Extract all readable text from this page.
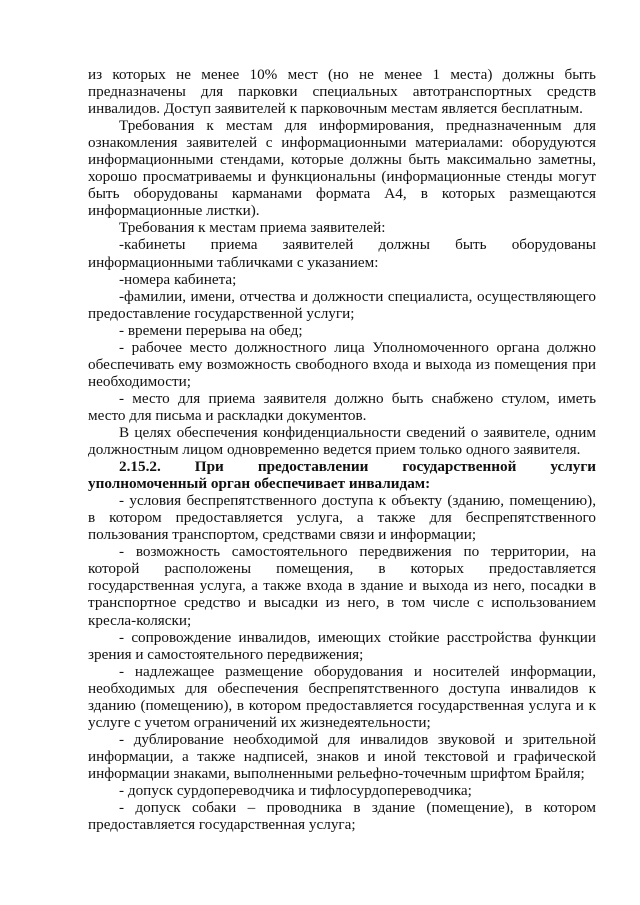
из которых не менее 10% мест (но не менее 1 места) должны быть предназначены для парковки специальных автотранспортных средств инвалидов. Доступ заявителей к парковочным местам является бесплатным.

Требования к местам для информирования, предназначенным для ознакомления заявителей с информационными материалами: оборудуются информационными стендами, которые должны быть максимально заметны, хорошо просматриваемы и функциональны (информационные стенды могут быть оборудованы карманами формата А4, в которых размещаются информационные листки).

Требования к местам приема заявителей:

-кабинеты приема заявителей должны быть оборудованы информационными табличками с указанием:

-номера кабинета;

-фамилии, имени, отчества и должности специалиста, осуществляющего предоставление государственной услуги;

- времени перерыва на обед;

- рабочее место должностного лица Уполномоченного органа должно обеспечивать ему возможность свободного входа и выхода из помещения при необходимости;

- место для приема заявителя должно быть снабжено стулом, иметь место для письма и раскладки документов.

В целях обеспечения конфиденциальности сведений о заявителе, одним должностным лицом одновременно ведется прием только одного заявителя.

2.15.2. При предоставлении государственной услуги уполномоченный орган обеспечивает инвалидам:

- условия беспрепятственного доступа к объекту (зданию, помещению), в котором предоставляется услуга, а также для беспрепятственного пользования транспортом, средствами связи и информации;

- возможность самостоятельного передвижения по территории, на которой расположены помещения, в которых предоставляется государственная услуга, а также входа в здание и выхода из него, посадки в транспортное средство и высадки из него, в том числе с использованием кресла-коляски;

- сопровождение инвалидов, имеющих стойкие расстройства функции зрения и самостоятельного передвижения;

- надлежащее размещение оборудования и носителей информации, необходимых для обеспечения беспрепятственного доступа инвалидов к зданию (помещению), в котором предоставляется государственная услуга и к услуге с учетом ограничений их жизнедеятельности;

- дублирование необходимой для инвалидов звуковой и зрительной информации, а также надписей, знаков и иной текстовой и графической информации знаками, выполненными рельефно-точечным шрифтом Брайля;

- допуск сурдопереводчика и тифлосурдопереводчика;

- допуск собаки – проводника в здание (помещение), в котором предоставляется государственная услуга;
